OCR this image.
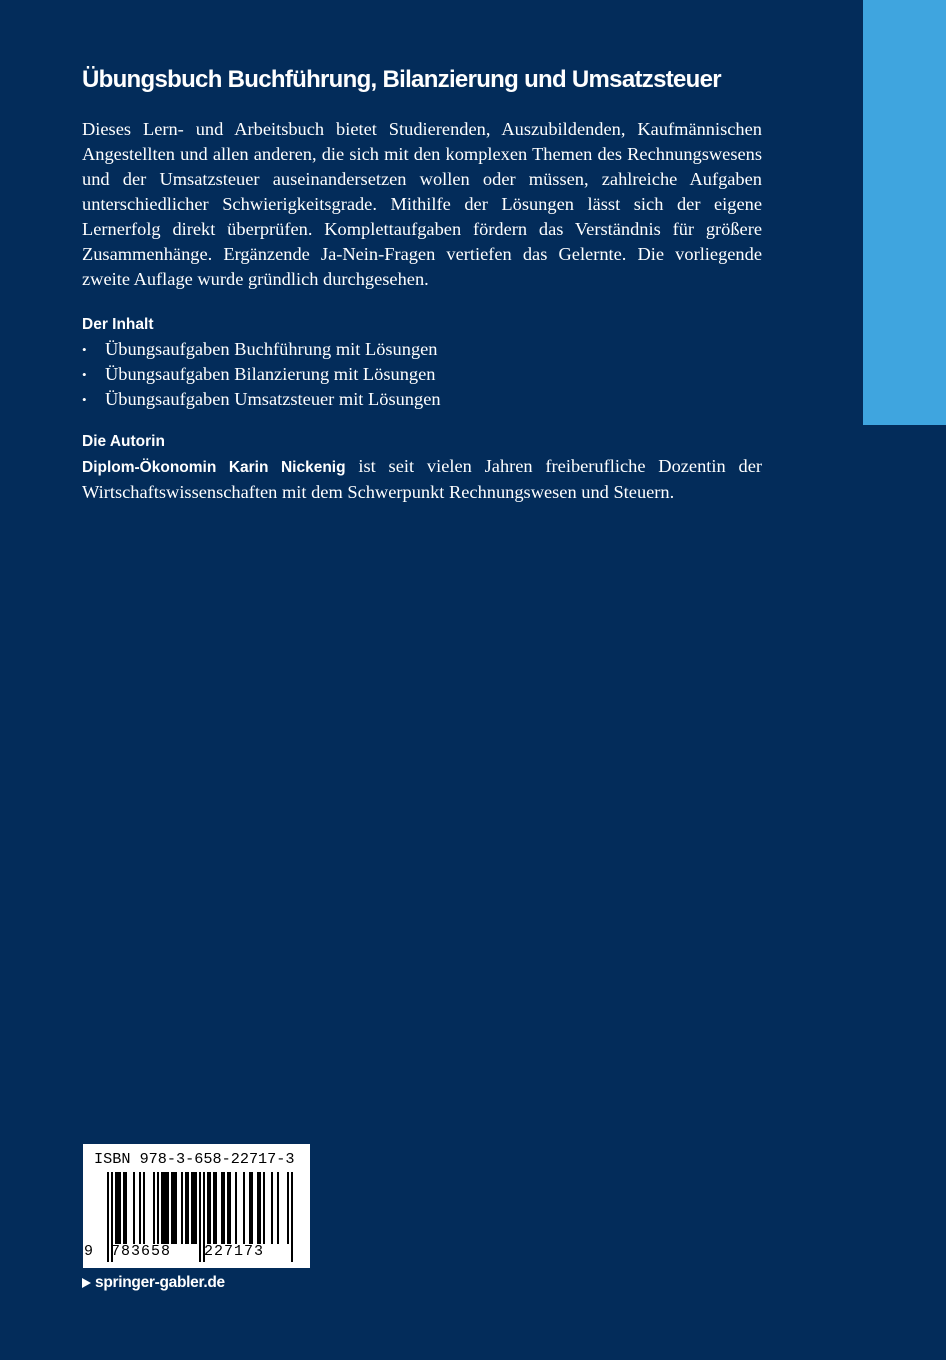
Übungsbuch Buchführung, Bilanzierung und Umsatzsteuer

Dieses Lern- und Arbeitsbuch bietet Studierenden, Auszubildenden, Kaufmännischen Angestellten und allen anderen, die sich mit den komplexen Themen des Rechnungswesens und der Umsatzsteuer auseinandersetzen wollen oder müssen, zahlreiche Aufgaben unterschiedlicher Schwierigkeitsgrade. Mithilfe der Lösungen lässt sich der eigene Lernerfolg direkt überprüfen. Komplettaufgaben fördern das Verständnis für größere Zusammenhänge. Ergänzende Ja-Nein-Fragen vertiefen das Gelernte. Die vorliegende zweite Auflage wurde gründlich durchgesehen.

Der Inhalt
•	Übungsaufgaben Buchführung mit Lösungen
•	Übungsaufgaben Bilanzierung mit Lösungen
•	Übungsaufgaben Umsatzsteuer mit Lösungen
Die Autorin

Diplom-Ökonomin Karin Nickenig ist seit vielen Jahren freiberufliche Dozentin der Wirtschaftswissenschaften mit dem Schwerpunkt Rechnungswesen und Steuern.

ISBN 978-3-658-22717-3
9 783658 227173
springer-gabler.de
